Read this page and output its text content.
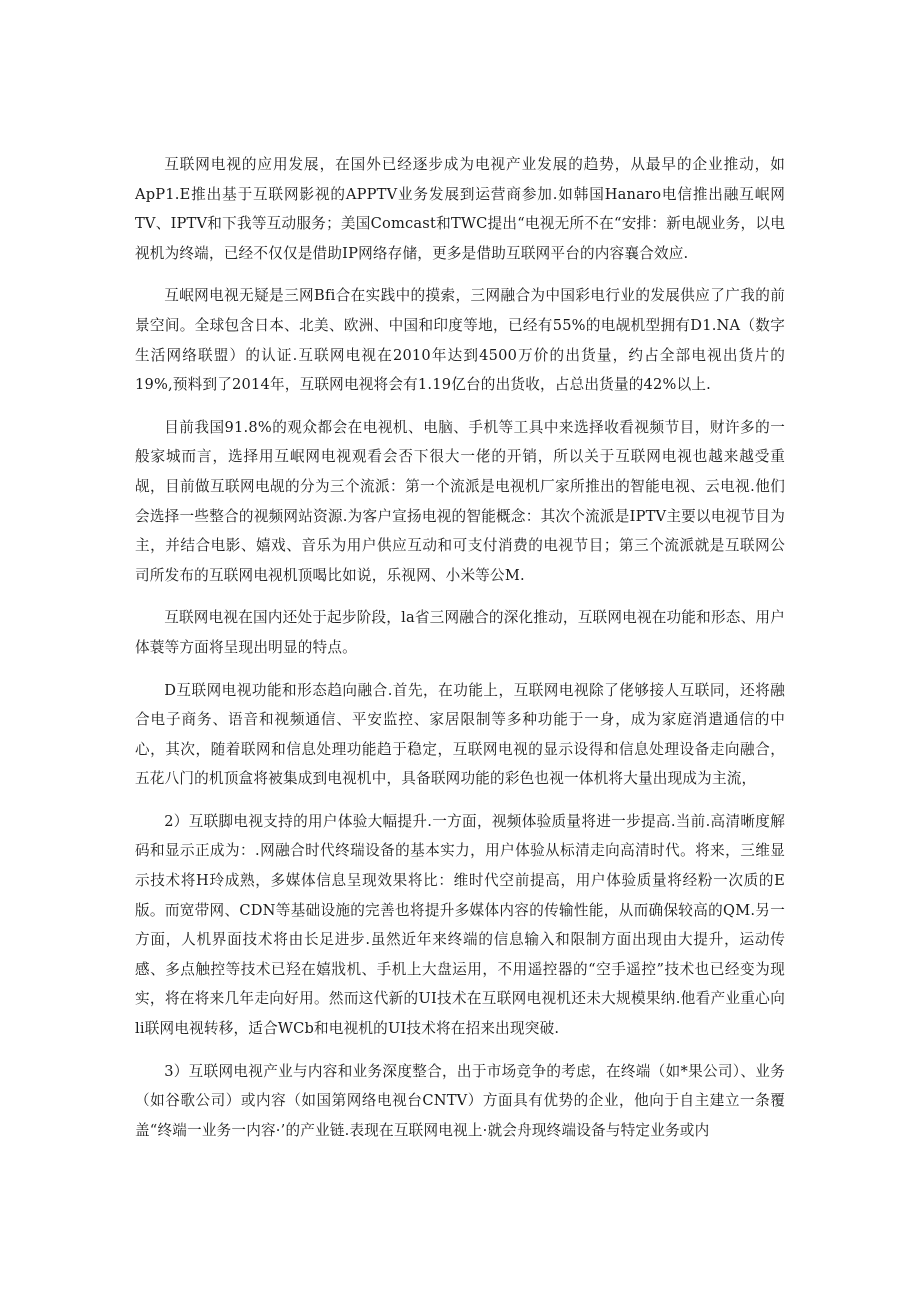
互联网电视的应用发展，在国外已经逐步成为电视产业发展的趋势，从最早的企业推动，如ApP1.E推出基于互联网影视的APPTV业务发展到运营商参加.如韩国Hanaro电信推出融互岷网TV、IPTV和下我等互动服务；美国Comcast和TWC提出“电视无所不在“安排：新电觇业务，以电视机为终端，已经不仅仅是借助IP网络存储，更多是借助互联网平台的内容襄合效应.

互岷网电视无疑是三网Bfi合在实践中的摸索，三网融合为中国彩电行业的发展供应了广我的前景空间。全球包含日本、北美、欧洲、中国和印度等地，已经有55%的电觇机型拥有D1.NA（数字生活网络联盟）的认证.互联网电视在2010年达到4500万价的出货量，约占全部电视出货片的19%,预料到了2014年，互联网电视将会有1.19亿台的出货收，占总出货量的42%以上.

目前我国91.8%的观众都会在电视机、电脑、手机等工具中来选择收看视频节目，财许多的一般家城而言，选择用互岷网电视观看会否下很大一佬的开销，所以关于互联网电视也越来越受重觇，目前做互联网电觇的分为三个流派：第一个流派是电视机厂家所推出的智能电视、云电视.他们会选择一些整合的视频网站资源.为客户宣扬电视的智能概念：其次个流派是IPTV主要以电视节目为主，并结合电影、嬉戏、音乐为用户供应互动和可支付消费的电视节目；第三个流派就是互联网公司所发布的互联网电视机顶喝比如说，乐视网、小米等公M.

互联网电视在国内还处于起步阶段，la省三网融合的深化推动，互联网电视在功能和形态、用户体蓑等方面将呈现出明显的特点。

D互联网电视功能和形态趋向融合.首先，在功能上，互联网电视除了佬够接人互联同，还将融合电子商务、语音和视频通信、平安监控、家居限制等多种功能于一身，成为家庭消遣通信的中心，其次，随着联网和信息处理功能趋于稳定，互联网电视的显示设得和信息处理设备走向融合，五花八门的机顶盒将被集成到电视机中，具备联网功能的彩色也视一体机将大量出现成为主流，

2）互联脚电视支持的用户体验大幅提升.一方面，视频体验质量将进一步提高.当前.高清晰度解码和显示正成为：.网融合时代终瑞设备的基本实力，用户体验从标清走向高清时代。将来，三维显示技术将H玲成熟，多媒体信息呈现效果将比：维时代空前提高，用户体验质量将经粉一次质的E版。而宽带网、CDN等基础设施的完善也将提升多媒体内容的传输性能，从而确保较高的QM.另一方面，人机界面技术将由长足进步.虽然近年来终端的信息输入和限制方面出现由大提升，运动传感、多点触控等技术已羟在嬉戕机、手机上大盘运用，不用遥控器的“空手遥控”技术也已经变为现实，将在将来几年走向好用。然而这代新的UI技术在互联网电视机还未大规模果纳.他看产业重心向li联网电视转移，适合WCb和电视机的UI技术将在招来出现突破.

3）互联网电视产业与内容和业务深度整合，出于市场竞争的考虑，在终端（如*果公司）、业务（如谷歌公司）或内容（如国第网络电视台CNTV）方面具有优势的企业，他向于自主建立一条覆盖“终端一业务一内容·’的产业链.表现在互联网电视上·就会舟现终端设备与特定业务或内
